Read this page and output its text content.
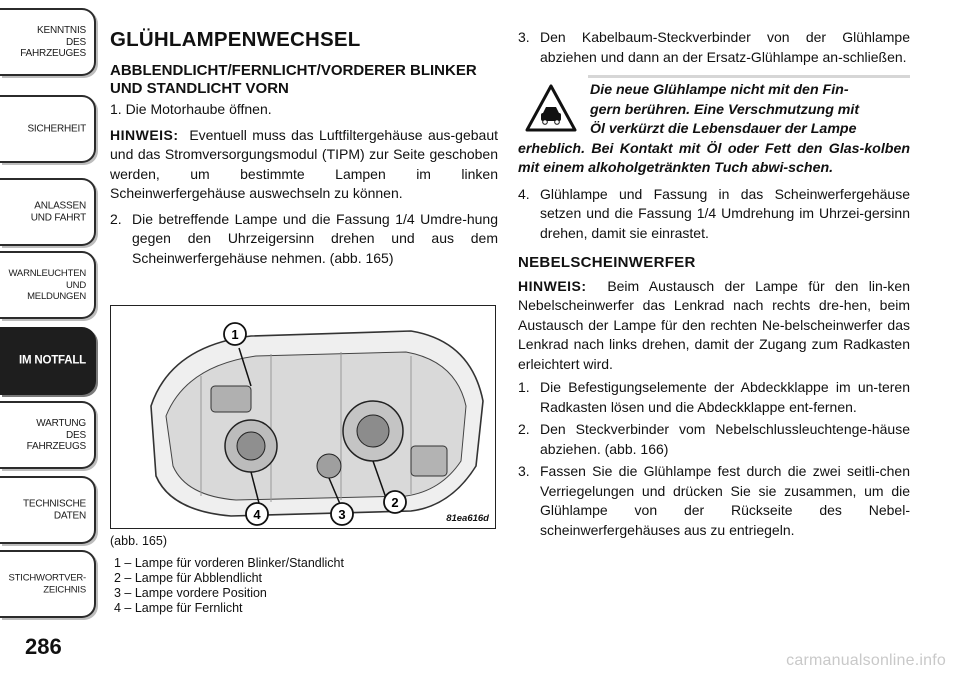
KENNTNIS
DES
FAHRZEUGES
SICHERHEIT
ANLASSEN
UND FAHRT
WARNLEUCHTEN
UND
MELDUNGEN
IM NOTFALL
WARTUNG
DES
FAHRZEUGS
TECHNISCHE
DATEN
STICHWORTVER-
ZEICHNIS
286
GLÜHLAMPENWECHSEL
ABBLENDLICHT/FERNLICHT/VORDERER BLINKER UND STANDLICHT VORN

1. Die Motorhaube öffnen.

HINWEIS: Eventuell muss das Luftfiltergehäuse aus-gebaut und das Stromversorgungsmodul (TIPM) zur Seite geschoben werden, um bestimmte Lampen im linken Scheinwerfergehäuse auswechseln zu können.

2. Die betreffende Lampe und die Fassung 1/4 Umdre-hung gegen den Uhrzeigersinn drehen und aus dem Scheinwerfergehäuse nehmen. (abb. 165)
1
2
3
4	81ea616d
(abb. 165)
1 – Lampe für vorderen Blinker/Standlicht
2 – Lampe für Abblendlicht
3 – Lampe vordere Position
4 – Lampe für Fernlicht
3. Den Kabelbaum-Steckverbinder von der Glühlampe abziehen und dann an der Ersatz-Glühlampe an-schließen.

Die neue Glühlampe nicht mit den Fin-
gern berühren. Eine Verschmutzung mit
Öl verkürzt die Lebensdauer der Lampe
erheblich. Bei Kontakt mit Öl oder Fett den Glas-kolben mit einem alkoholgetränkten Tuch abwi-schen.

4. Glühlampe und Fassung in das Scheinwerfergehäuse setzen und die Fassung 1/4 Umdrehung im Uhrzei-gersinn drehen, damit sie einrastet.
NEBELSCHEINWERFER

HINWEIS: Beim Austausch der Lampe für den lin-ken Nebelscheinwerfer das Lenkrad nach rechts dre-hen, beim Austausch der Lampe für den rechten Ne-belscheinwerfer das Lenkrad nach links drehen, damit der Zugang zum Radkasten erleichtert wird.

1. Die Befestigungselemente der Abdeckklappe im un-teren Radkasten lösen und die Abdeckklappe ent-fernen.
2. Den Steckverbinder vom Nebelschlussleuchtenge-häuse abziehen. (abb. 166)
3. Fassen Sie die Glühlampe fest durch die zwei seitli-chen Verriegelungen und drücken Sie sie zusammen, um die Glühlampe von der Rückseite des Nebel-scheinwerfergehäuses aus zu entriegeln.
carmanualsonline.info
